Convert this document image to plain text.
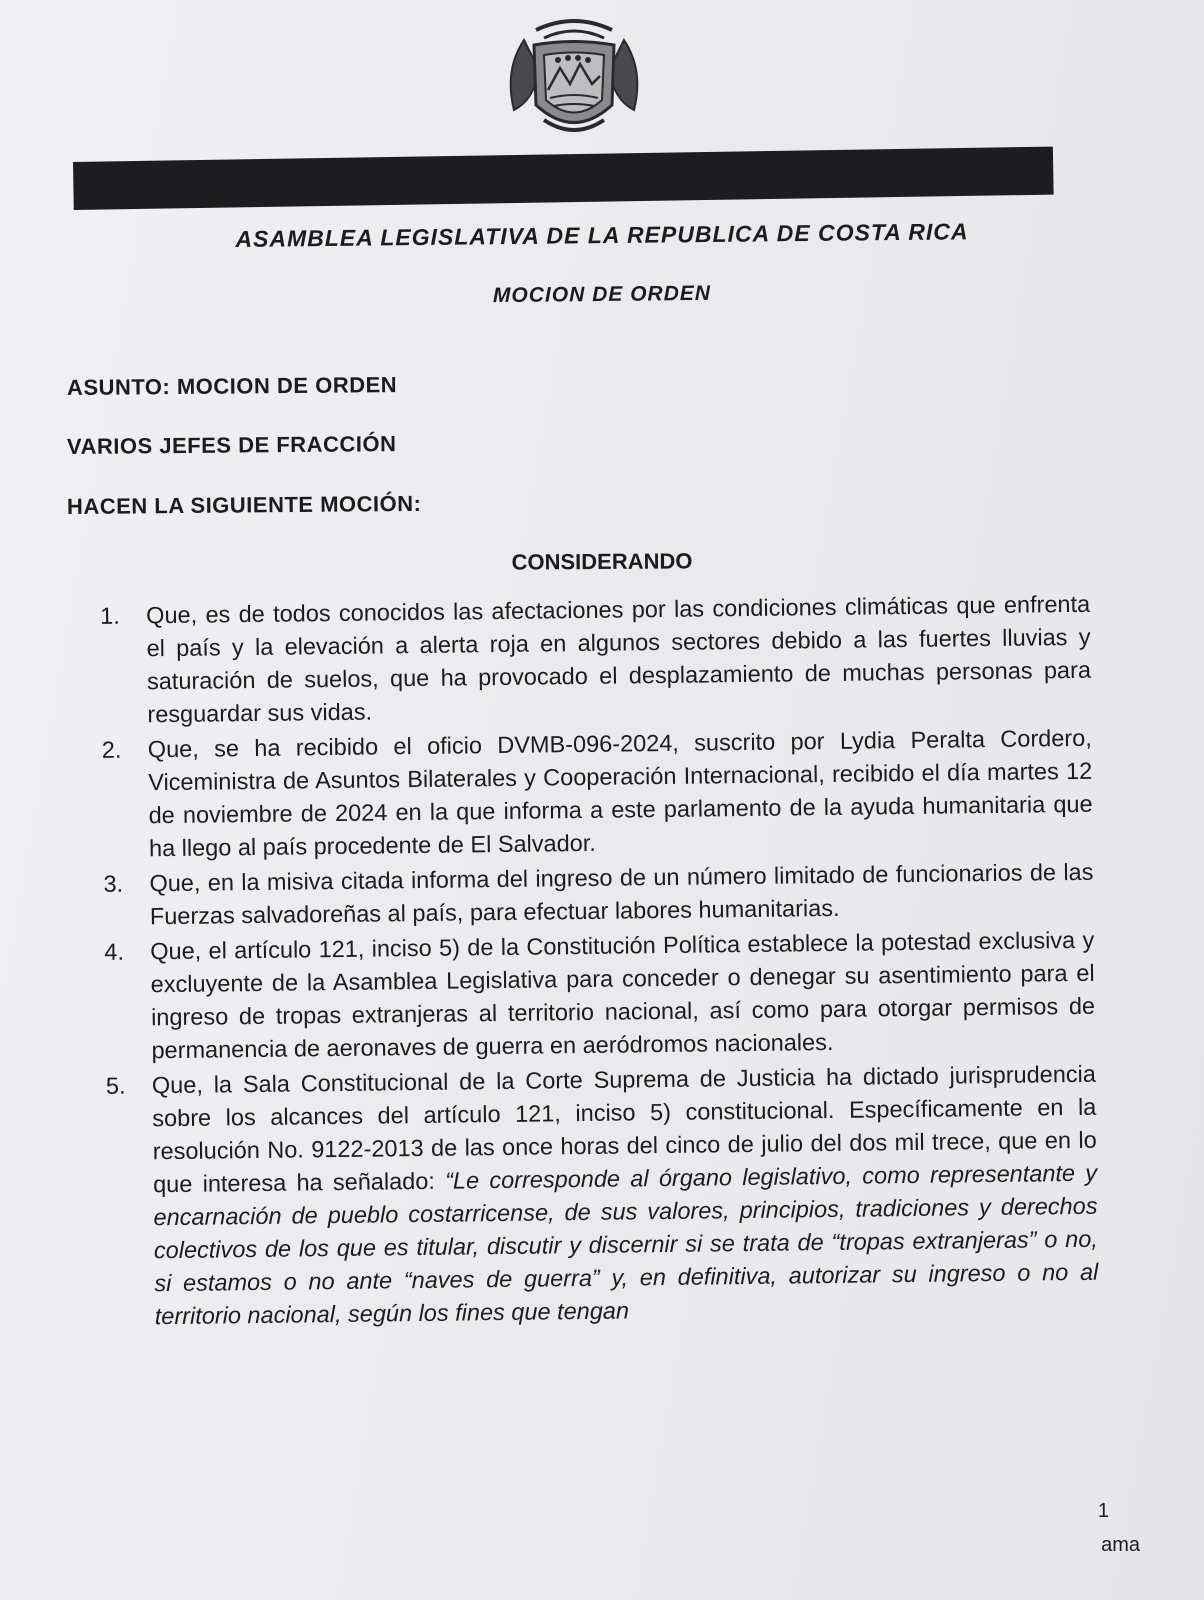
ASAMBLEA LEGISLATIVA DE LA REPUBLICA DE COSTA RICA
MOCION DE ORDEN
ASUNTO: MOCION DE ORDEN
VARIOS JEFES DE FRACCIÓN
HACEN LA SIGUIENTE MOCIÓN:
CONSIDERANDO
1.	Que, es de todos conocidos las afectaciones por las condiciones climáticas que enfrenta el país y la elevación a alerta roja en algunos sectores debido a las fuertes lluvias y saturación de suelos, que ha provocado el desplazamiento de muchas personas para resguardar sus vidas.
2.	Que, se ha recibido el oficio DVMB-096-2024, suscrito por Lydia Peralta Cordero, Viceministra de Asuntos Bilaterales y Cooperación Internacional, recibido el día martes 12 de noviembre de 2024 en la que informa a este parlamento de la ayuda humanitaria que ha llego al país procedente de El Salvador.
3.	Que, en la misiva citada informa del ingreso de un número limitado de funcionarios de las Fuerzas salvadoreñas al país, para efectuar labores humanitarias.
4.	Que, el artículo 121, inciso 5) de la Constitución Política establece la potestad exclusiva y excluyente de la Asamblea Legislativa para conceder o denegar su asentimiento para el ingreso de tropas extranjeras al territorio nacional, así como para otorgar permisos de permanencia de aeronaves de guerra en aeródromos nacionales.
5.	Que, la Sala Constitucional de la Corte Suprema de Justicia ha dictado jurisprudencia sobre los alcances del artículo 121, inciso 5) constitucional. Específicamente en la resolución No. 9122-2013 de las once horas del cinco de julio del dos mil trece, que en lo que interesa ha señalado: “Le corresponde al órgano legislativo, como representante y encarnación de pueblo costarricense, de sus valores, principios, tradiciones y derechos colectivos de los que es titular, discutir y discernir si se trata de “tropas extranjeras” o no, si estamos o no ante “naves de guerra” y, en definitiva, autorizar su ingreso o no al territorio nacional, según los fines que tengan
1
ama
